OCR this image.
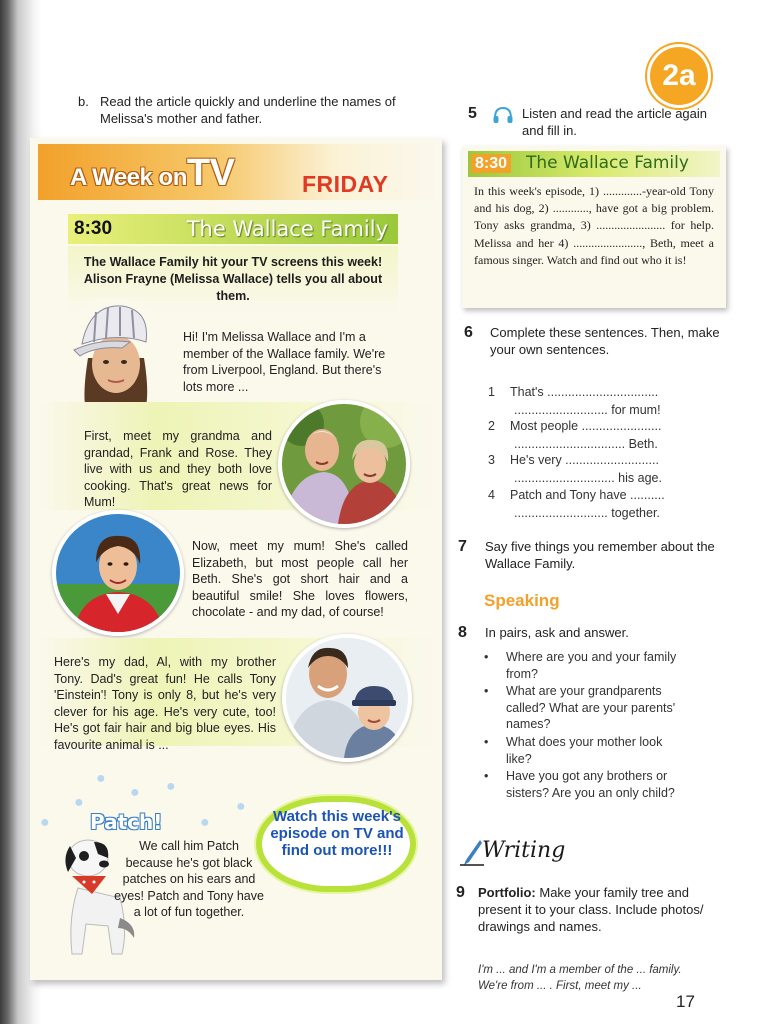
2a
b. Read the article quickly and underline the names of Melissa's mother and father.
A Week onTV	FRIDAY
8:30	The Wallace Family
The Wallace Family hit your TV screens this week! Alison Frayne (Melissa Wallace) tells you all about them.
Hi! I'm Melissa Wallace and I'm a member of the Wallace family. We're from Liverpool, England. But there's lots more ...
First, meet my grandma and grandad, Frank and Rose. They live with us and they both love cooking. That's great news for Mum!
Now, meet my mum! She's called Elizabeth, but most people call her Beth. She's got short hair and a beautiful smile! She loves flowers, chocolate - and my dad, of course!
Here's my dad, Al, with my brother Tony. Dad's great fun! He calls Tony 'Einstein'! Tony is only 8, but he's very clever for his age. He's very cute, too! He's got fair hair and big blue eyes. His favourite animal is ...
●
● ●
●
●
●
● Patch!
We call him Patch because he's got black patches on his ears and eyes! Patch and Tony have a lot of fun together.
Watch this week's episode on TV and find out more!!!
5	Listen and read the article again and fill in.
8:30 The Wallace Family
In this week's episode, 1) .............-year-old Tony and his dog, 2) ............, have got a big problem. Tony asks grandma, 3) ....................... for help. Melissa and her 4) ......................., Beth, meet a famous singer. Watch and find out who it is!
6	Complete these sentences. Then, make your own sentences.
1 That's ................................
........................... for mum!
2 Most people .......................
................................ Beth.
3 He's very ...........................
............................. his age.
4 Patch and Tony have ..........
........................... together.
7	Say five things you remember about the Wallace Family.
Speaking
8	In pairs, ask and answer.
•	Where are you and your family from?
•	What are your grandparents called? What are your parents' names?
•	What does your mother look like?
•	Have you got any brothers or sisters? Are you an only child?
Writing
9	Portfolio: Make your family tree and present it to your class. Include photos/ drawings and names.
I'm ... and I'm a member of the ... family. We're from ... . First, meet my ...
17
